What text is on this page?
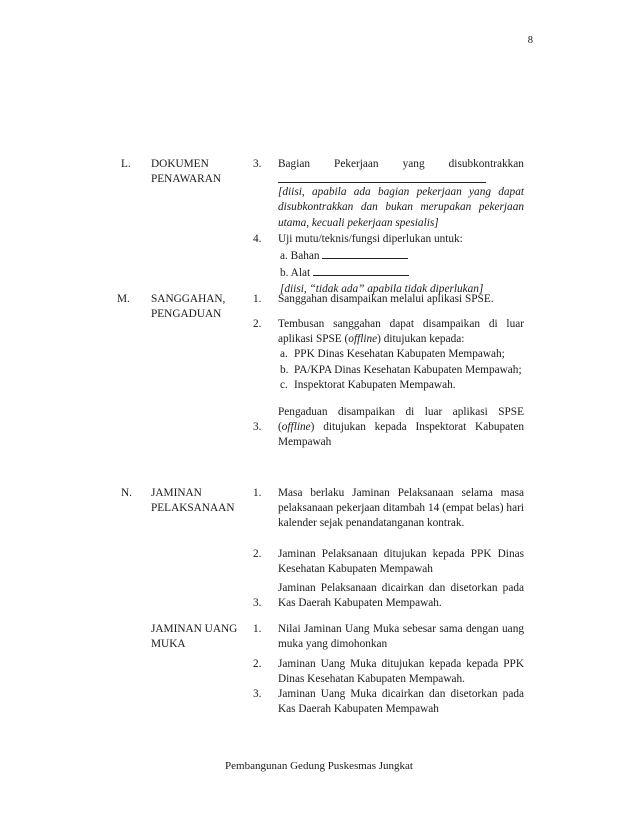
8
L.	DOKUMEN
PENAWARAN
3.	Bagian Pekerjaan yang disubkontrakkan
[diisi, apabila ada bagian pekerjaan yang dapat disubkontrakkan dan bukan merupakan pekerjaan utama, kecuali pekerjaan spesialis]
4.	Uji mutu/teknis/fungsi diperlukan untuk:
a. Bahan
b. Alat
[diisi, “tidak ada” apabila tidak diperlukan]
M.	SANGGAHAN,
PENGADUAN
1.	Sanggahan disampaikan melalui aplikasi SPSE.
2.	Tembusan sanggahan dapat disampaikan di luar aplikasi SPSE (offline) ditujukan kepada:
a. PPK Dinas Kesehatan Kabupaten Mempawah;
b. PA/KPA Dinas Kesehatan Kabupaten Mempawah;
c. Inspektorat Kabupaten Mempawah.
3.
Pengaduan disampaikan di luar aplikasi SPSE (offline) ditujukan kepada Inspektorat Kabupaten Mempawah
N.	JAMINAN
PELAKSANAAN
1.	Masa berlaku Jaminan Pelaksanaan selama masa pelaksanaan pekerjaan ditambah 14 (empat belas) hari kalender sejak penandatanganan kontrak.
2.	Jaminan Pelaksanaan ditujukan kepada PPK Dinas Kesehatan Kabupaten Mempawah
3.
Jaminan Pelaksanaan dicairkan dan disetorkan pada Kas Daerah Kabupaten Mempawah.
JAMINAN UANG
MUKA
1.	Nilai Jaminan Uang Muka sebesar sama dengan uang muka yang dimohonkan
2.	Jaminan Uang Muka ditujukan kepada kepada PPK Dinas Kesehatan Kabupaten Mempawah.
3.	Jaminan Uang Muka dicairkan dan disetorkan pada Kas Daerah Kabupaten Mempawah
Pembangunan Gedung Puskesmas Jungkat
